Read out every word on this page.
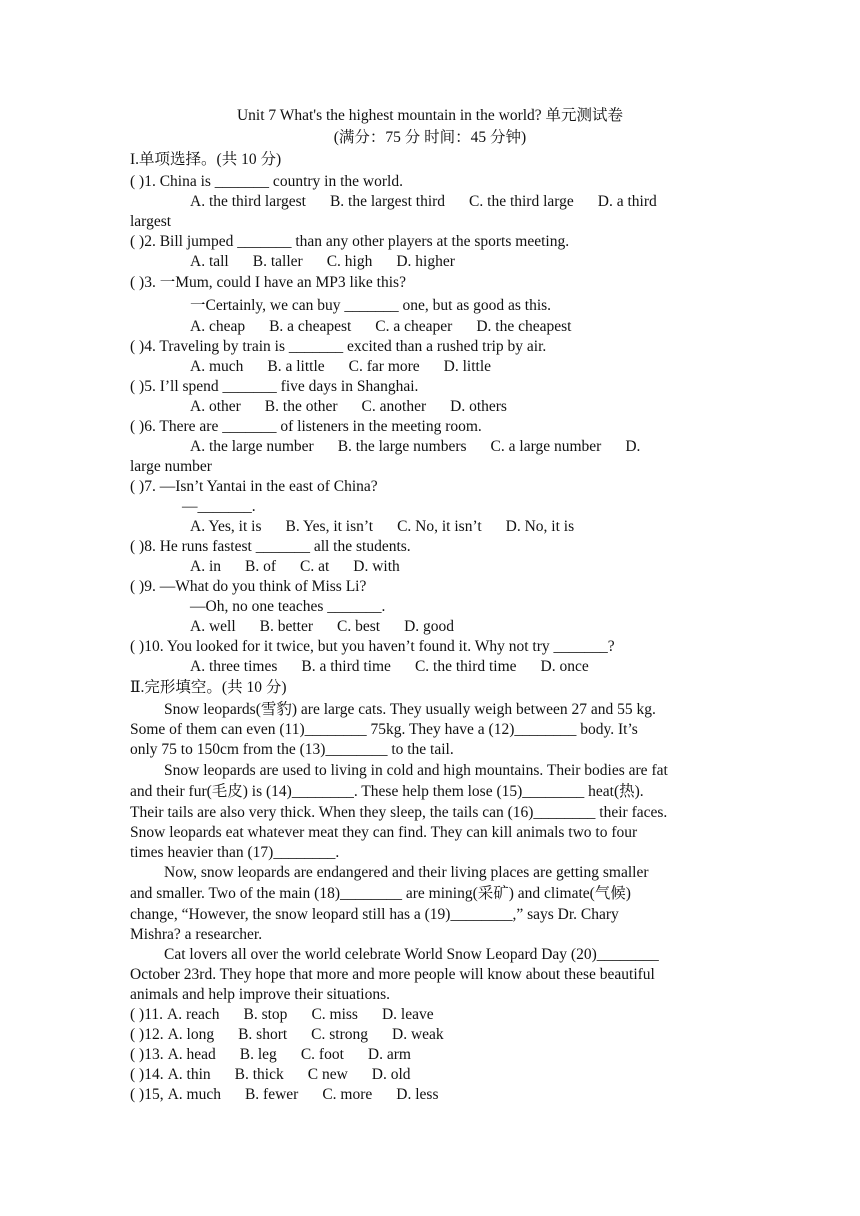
Unit 7 What's the highest mountain in the world? 单元测试卷
(满分：75 分 时间：45 分钟)
I.单项选择。(共 10 分)
( )1. China is _______ country in the world.
A. the third largest B. the largest third C. the third large D. a third
largest
( )2. Bill jumped _______ than any other players at the sports meeting.
A. tall B. taller C. high D. higher
( )3. 一Mum, could I have an MP3 like this?
一Certainly, we can buy _______ one, but as good as this.
A. cheap B. a cheapest C. a cheaper D. the cheapest
( )4. Traveling by train is _______ excited than a rushed trip by air.
A. much B. a little C. far more D. little
( )5. I’ll spend _______ five days in Shanghai.
A. other B. the other C. another D. others
( )6. There are _______ of listeners in the meeting room.
A. the large number B. the large numbers C. a large number D.
large number
( )7. —Isn’t Yantai in the east of China?
—_______.
A. Yes, it is B. Yes, it isn’t C. No, it isn’t D. No, it is
( )8. He runs fastest _______ all the students.
A. in B. of C. at D. with
( )9. —What do you think of Miss Li?
—Oh, no one teaches _______.
A. well B. better C. best D. good
( )10. You looked for it twice, but you haven’t found it. Why not try _______?
A. three times B. a third time C. the third time D. once
Ⅱ.完形填空。(共 10 分)
Snow leopards(雪豹) are large cats. They usually weigh between 27 and 55 kg.
Some of them can even (11)________ 75kg. They have a (12)________ body. It’s
only 75 to 150cm from the (13)________ to the tail.
Snow leopards are used to living in cold and high mountains. Their bodies are fat
and their fur(毛皮) is (14)________. These help them lose (15)________ heat(热).
Their tails are also very thick. When they sleep, the tails can (16)________ their faces.
Snow leopards eat whatever meat they can find. They can kill animals two to four
times heavier than (17)________.
Now, snow leopards are endangered and their living places are getting smaller
and smaller. Two of the main (18)________ are mining(采矿) and climate(气候)
change, “However, the snow leopard still has a (19)________,” says Dr. Chary
Mishra? a researcher.
Cat lovers all over the world celebrate World Snow Leopard Day (20)________
October 23rd. They hope that more and more people will know about these beautiful
animals and help improve their situations.
( )11. A. reach B. stop C. miss D. leave
( )12. A. long B. short C. strong D. weak
( )13. A. head B. leg C. foot D. arm
( )14. A. thin B. thick C new D. old
( )15, A. much B. fewer C. more D. less
